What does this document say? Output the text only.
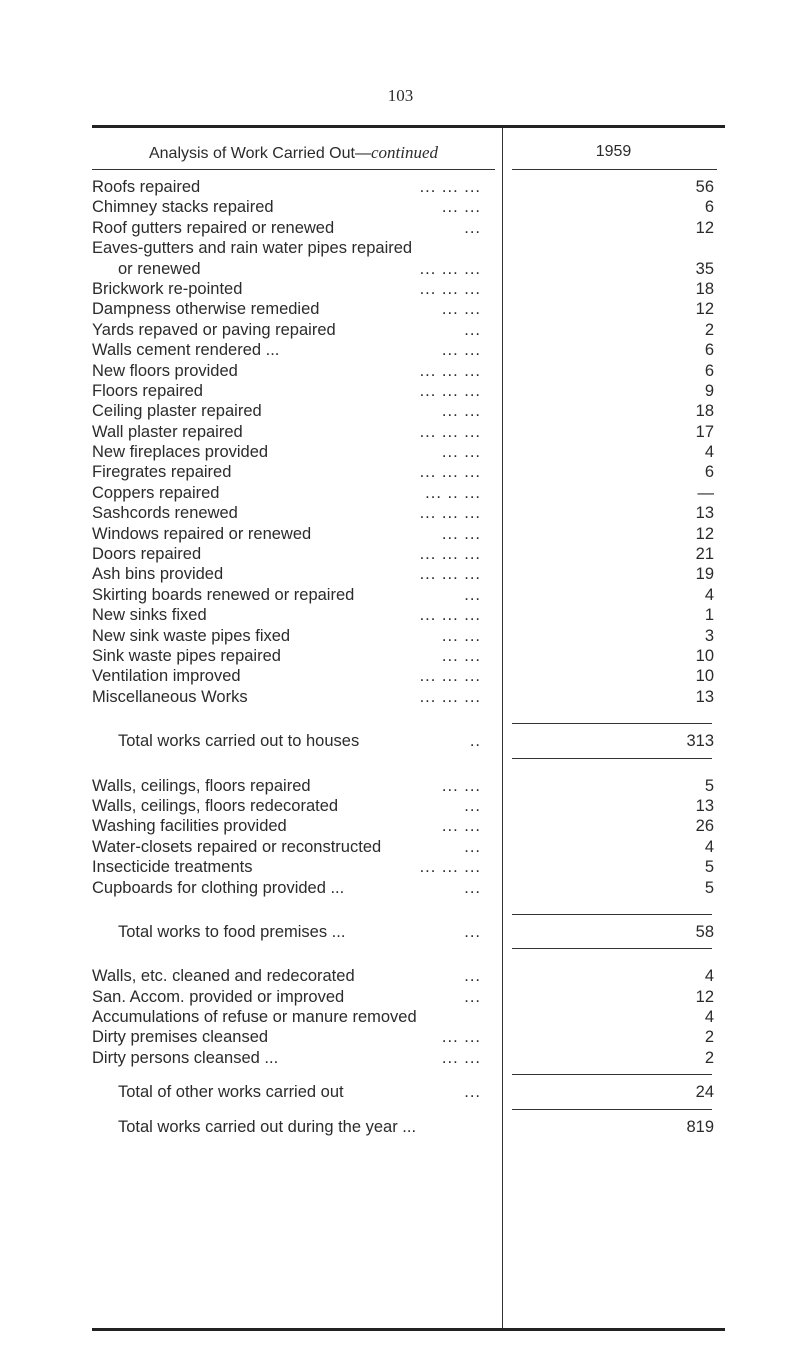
103
Analysis of Work Carried Out—continued	1959
Roofs repaired	... ... ...	56
Chimney stacks repaired	... ...	6
Roof gutters repaired or renewed	...	12
Eaves-gutters and rain water pipes repaired
or renewed	... ... ...	35
Brickwork re-pointed	... ... ...	18
Dampness otherwise remedied	... ...	12
Yards repaved or paving repaired	...	2
Walls cement rendered ...	... ...	6
New floors provided	... ... ...	6
Floors repaired	... ... ...	9
Ceiling plaster repaired	... ...	18
Wall plaster repaired	... ... ...	17
New fireplaces provided	... ...	4
Firegrates repaired	... ... ...	6
Coppers repaired	... .. ...	—
Sashcords renewed	... ... ...	13
Windows repaired or renewed	... ...	12
Doors repaired	... ... ...	21
Ash bins provided	... ... ...	19
Skirting boards renewed or repaired	...	4
New sinks fixed	... ... ...	1
New sink waste pipes fixed	... ...	3
Sink waste pipes repaired	... ...	10
Ventilation improved	... ... ...	10
Miscellaneous Works	... ... ...	13
Total works carried out to houses	..	313
Walls, ceilings, floors repaired	... ...	5
Walls, ceilings, floors redecorated	...	13
Washing facilities provided	... ...	26
Water-closets repaired or reconstructed	...	4
Insecticide treatments	... ... ...	5
Cupboards for clothing provided ...	...	5
Total works to food premises ...	...	58
Walls, etc. cleaned and redecorated	...	4
San. Accom. provided or improved	...	12
Accumulations of refuse or manure removed	4
Dirty premises cleansed	... ...	2
Dirty persons cleansed ...	... ...	2
Total of other works carried out	...	24
Total works carried out during the year ...	819
